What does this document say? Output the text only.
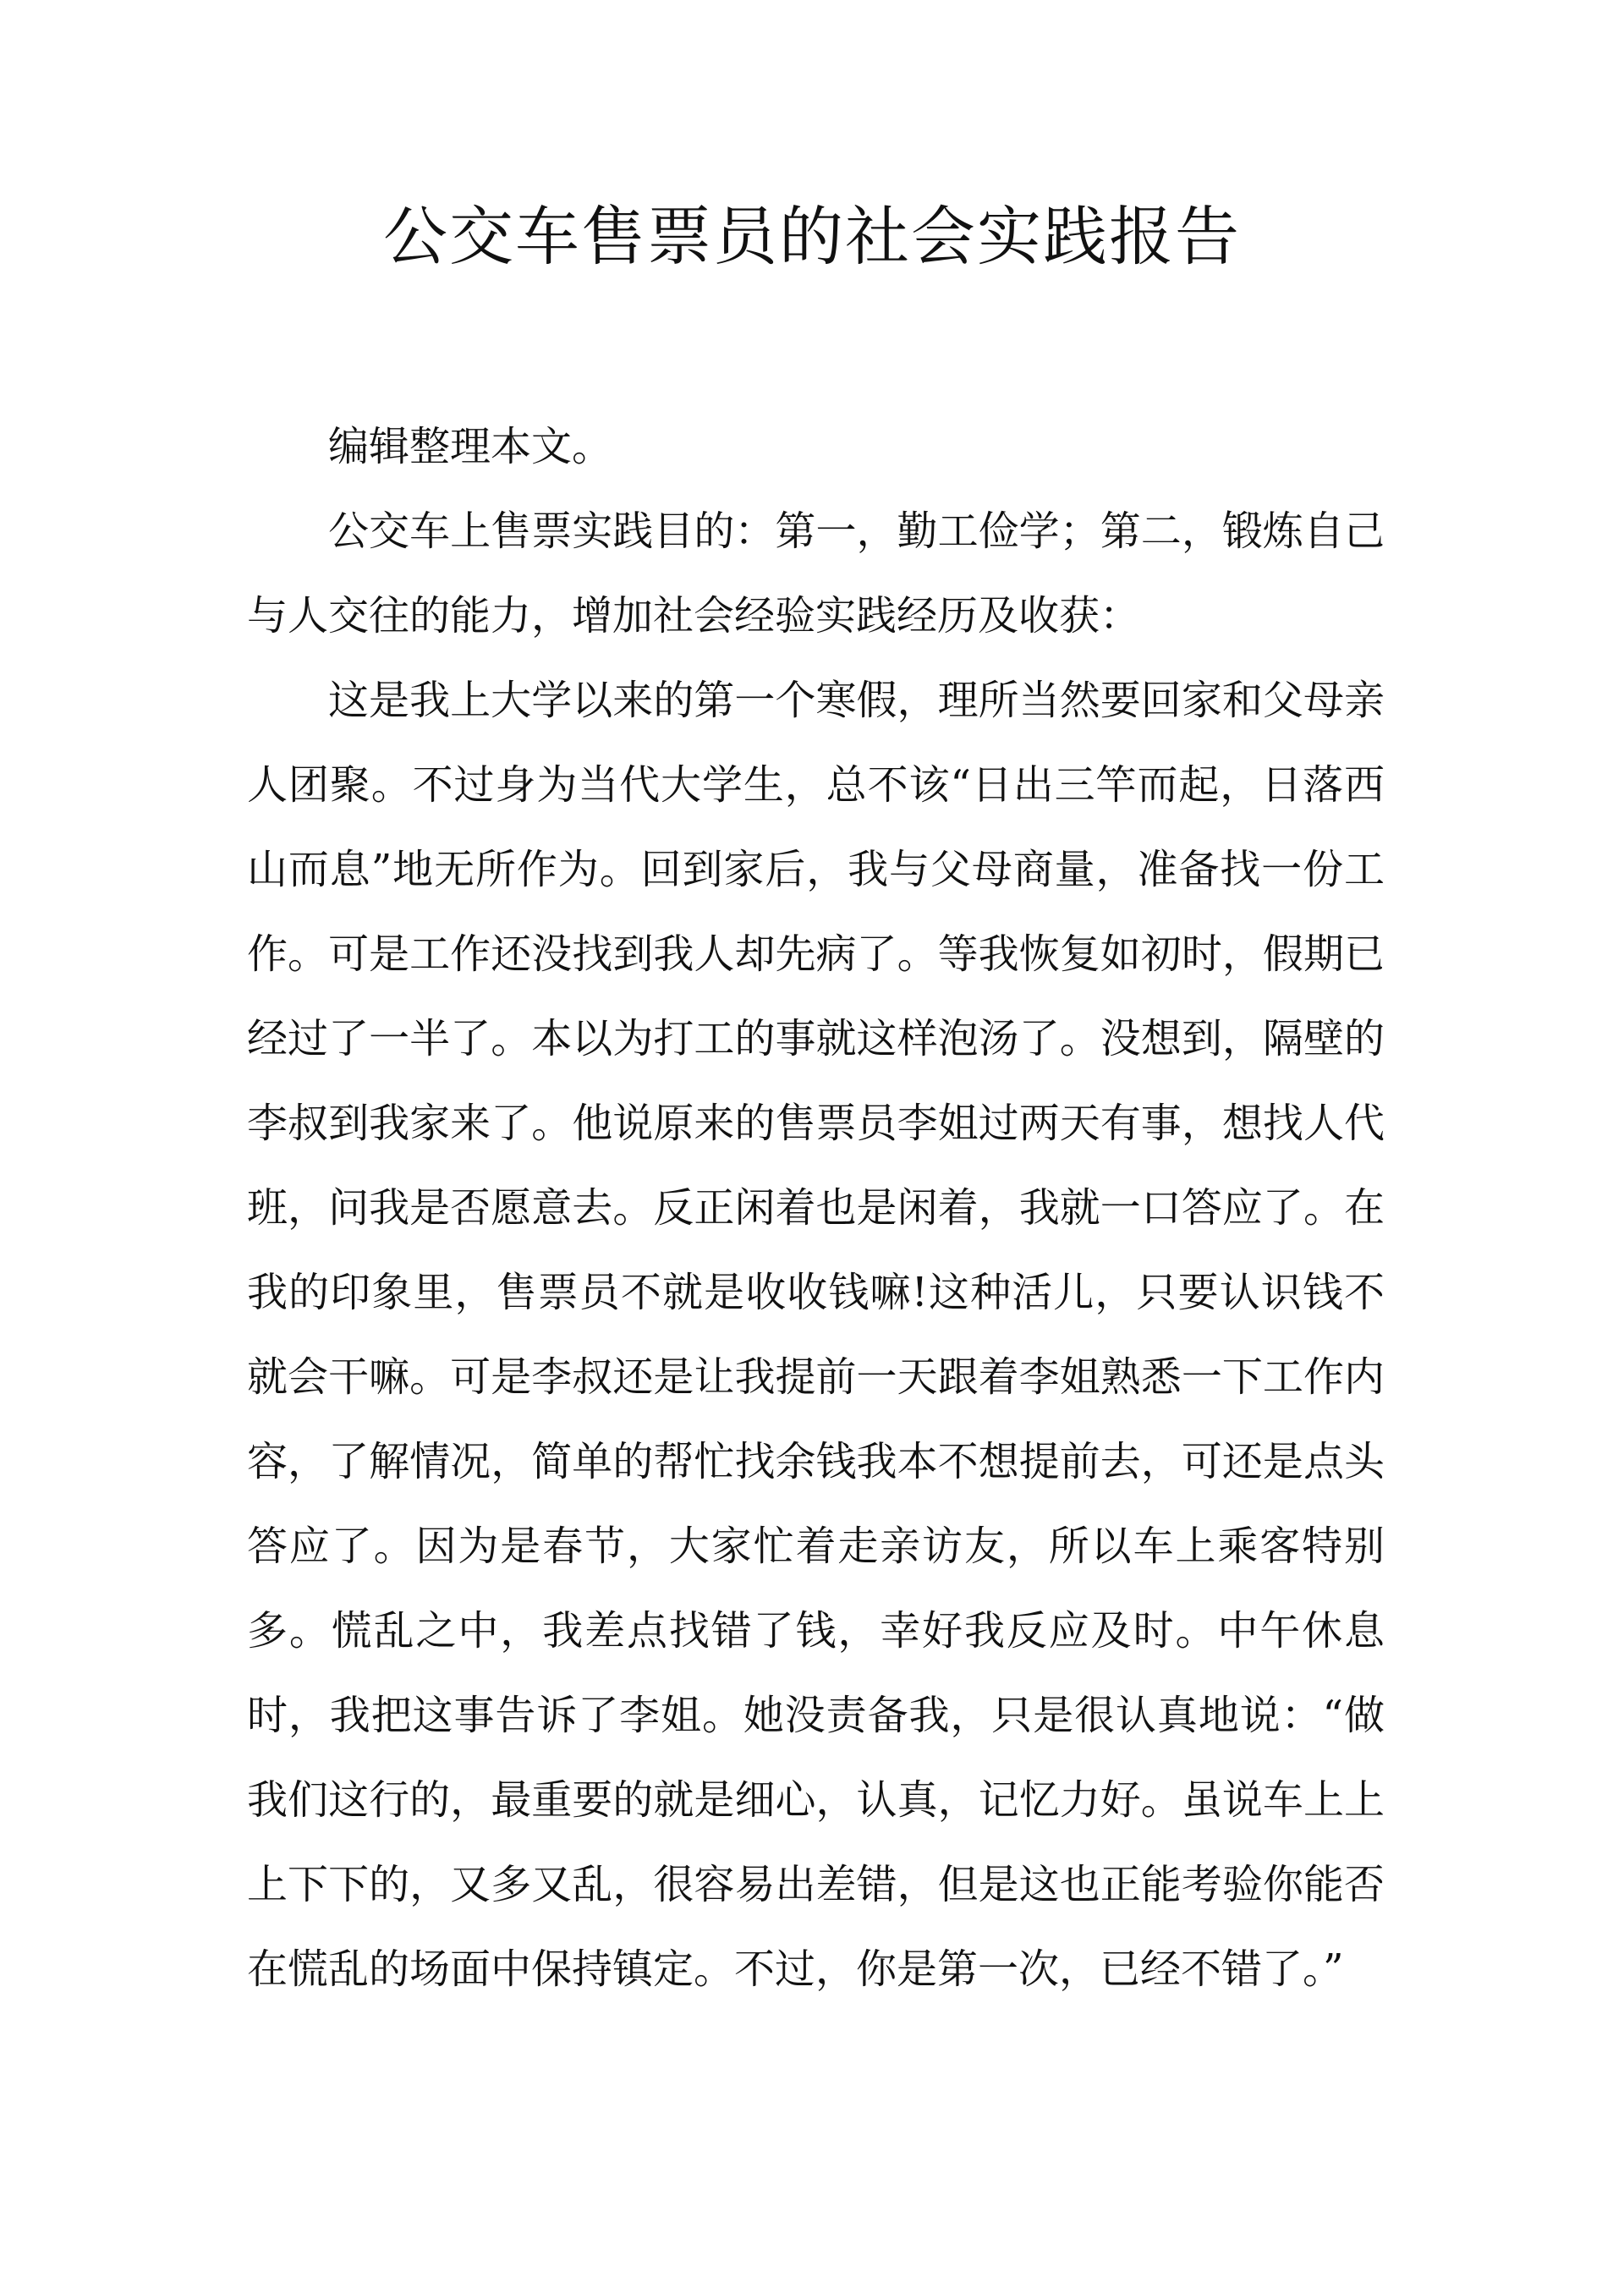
公交车售票员的社会实践报告

编辑整理本文。

公交车上售票实践目的：第一，勤工俭学；第二，锻炼自己与人交往的能力，增加社会经验实践经历及收获：

这是我上大学以来的第一个寒假，理所当然要回家和父母亲人团聚。不过身为当代大学生，总不该“日出三竿而起，日落西山而息”地无所作为。回到家后，我与父母商量，准备找一份工作。可是工作还没找到我人却先病了。等我恢复如初时，假期已经过了一半了。本以为打工的事就这样泡汤了。没想到，隔壁的李叔到我家来了。他说原来的售票员李姐过两天有事，想找人代班，问我是否愿意去。反正闲着也是闲着，我就一口答应了。在我的印象里，售票员不就是收收钱嘛!这种活儿，只要认识钱不就会干嘛。可是李叔还是让我提前一天跟着李姐熟悉一下工作内容，了解情况，简单的帮忙找余钱我本不想提前去，可还是点头答应了。因为是春节，大家忙着走亲访友，所以车上乘客特别多。慌乱之中，我差点找错了钱，幸好我反应及时。中午休息时，我把这事告诉了李姐。她没责备我，只是很认真地说：“做我们这行的，最重要的就是细心，认真，记忆力好。虽说车上上上下下的，又多又乱，很容易出差错，但是这也正能考验你能否在慌乱的场面中保持镇定。不过，你是第一次，已经不错了。”
